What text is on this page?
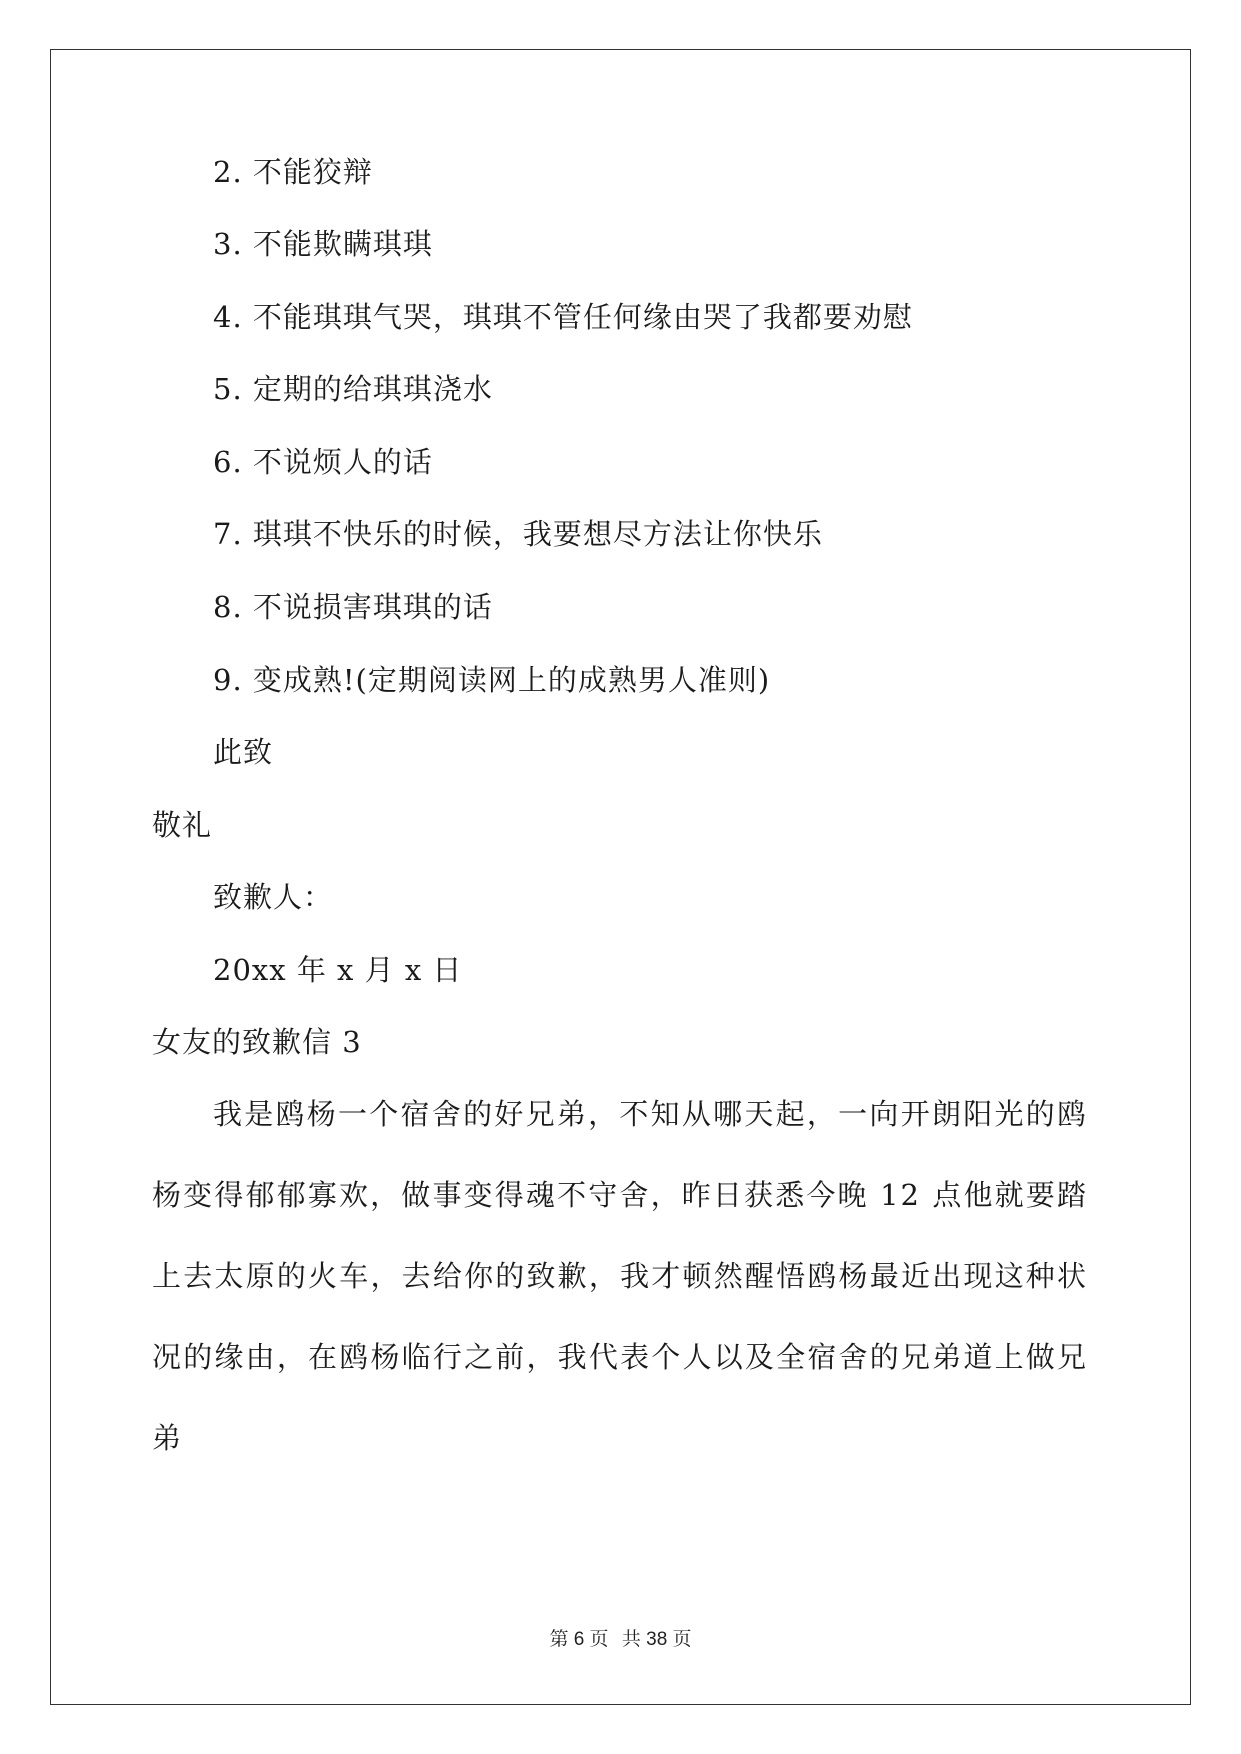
2. 不能狡辩
3. 不能欺瞒琪琪
4. 不能琪琪气哭，琪琪不管任何缘由哭了我都要劝慰
5. 定期的给琪琪浇水
6. 不说烦人的话
7. 琪琪不快乐的时候，我要想尽方法让你快乐
8. 不说损害琪琪的话
9. 变成熟!(定期阅读网上的成熟男人准则)
此致
敬礼
致歉人：
20xx 年 x 月 x 日
女友的致歉信 3
我是鸥杨一个宿舍的好兄弟，不知从哪天起，一向开朗阳光的鸥杨变得郁郁寡欢，做事变得魂不守舍，昨日获悉今晚 12 点他就要踏上去太原的火车，去给你的致歉，我才顿然醒悟鸥杨最近出现这种状况的缘由，在鸥杨临行之前，我代表个人以及全宿舍的兄弟道上做兄弟
第 6 页 共 38 页
